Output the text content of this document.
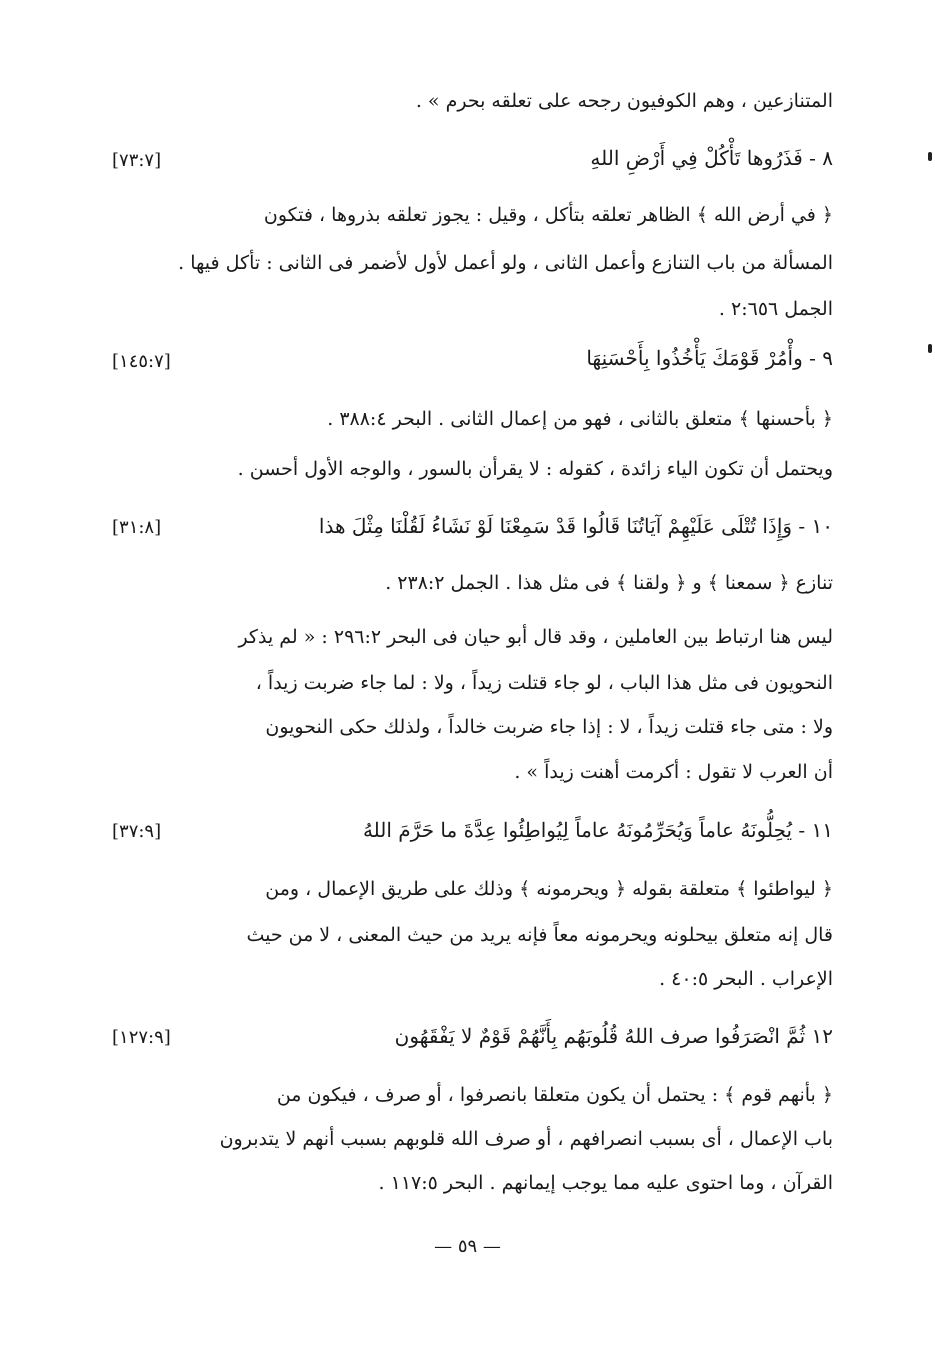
المتنازعين ، وهم الكوفيون رجحه على تعلقه بحرم » .
٨ - فَذَرُوها تَأْكُلْ فِي أَرْضِ اللهِ
[٧٣:٧]
﴿ في أرض الله ﴾ الظاهر تعلقه بتأكل ، وقيل : يجوز تعلقه بذروها ، فتكون
المسألة من باب التنازع وأعمل الثانى ، ولو أعمل لأول لأضمر فى الثانى : تأكل فيها .
الجمل ٢:٦٥٦ .
٩ - وأْمُرْ قَوْمَكَ يَأْخُذُوا بِأَحْسَنِهَا
[١٤٥:٧]
﴿ بأحسنها ﴾ متعلق بالثانى ، فهو من إعمال الثانى . البحر ٣٨٨:٤ .
ويحتمل أن تكون الياء زائدة ، كقوله : لا يقرأن بالسور ، والوجه الأول أحسن .
١٠ - وَإِذَا تُتْلَى عَلَيْهِمْ آيَاتُنَا قَالُوا قَدْ سَمِعْنَا لَوْ نَشَاءُ لَقُلْنَا مِثْلَ هذا
[٣١:٨]
تنازع ﴿ سمعنا ﴾ و ﴿ ولقنا ﴾ فى مثل هذا . الجمل ٢٣٨:٢ .
ليس هنا ارتباط بين العاملين ، وقد قال أبو حيان فى البحر ٢٩٦:٢ : « لم يذكر
النحويون فى مثل هذا الباب ، لو جاء قتلت زيداً ، ولا : لما جاء ضربت زيداً ،
ولا : متى جاء قتلت زيداً ، لا : إذا جاء ضربت خالداً ، ولذلك حكى النحويون
أن العرب لا تقول : أكرمت أهنت زيداً » .
١١ - يُحِلُّونَهُ عاماً وَيُحَرِّمُونَهُ عاماً لِيُواطِئُوا عِدَّةَ ما حَرَّمَ اللهُ
[٣٧:٩]
﴿ ليواطئوا ﴾ متعلقة بقوله ﴿ ويحرمونه ﴾ وذلك على طريق الإعمال ، ومن
قال إنه متعلق بيحلونه ويحرمونه معاً فإنه يريد من حيث المعنى ، لا من حيث
الإعراب . البحر ٤٠:٥ .
١٢ ثُمَّ انْصَرَفُوا صرف اللهُ قُلُوبَهُم بِأَنَّهُمْ قَوْمٌ لا يَفْقَهُون
[١٢٧:٩]
﴿ بأنهم قوم ﴾ : يحتمل أن يكون متعلقا بانصرفوا ، أو صرف ، فيكون من
باب الإعمال ، أى بسبب انصرافهم ، أو صرف الله قلوبهم بسبب أنهم لا يتدبرون
القرآن ، وما احتوى عليه مما يوجب إيمانهم . البحر ١١٧:٥ .
— ٥٩ —
